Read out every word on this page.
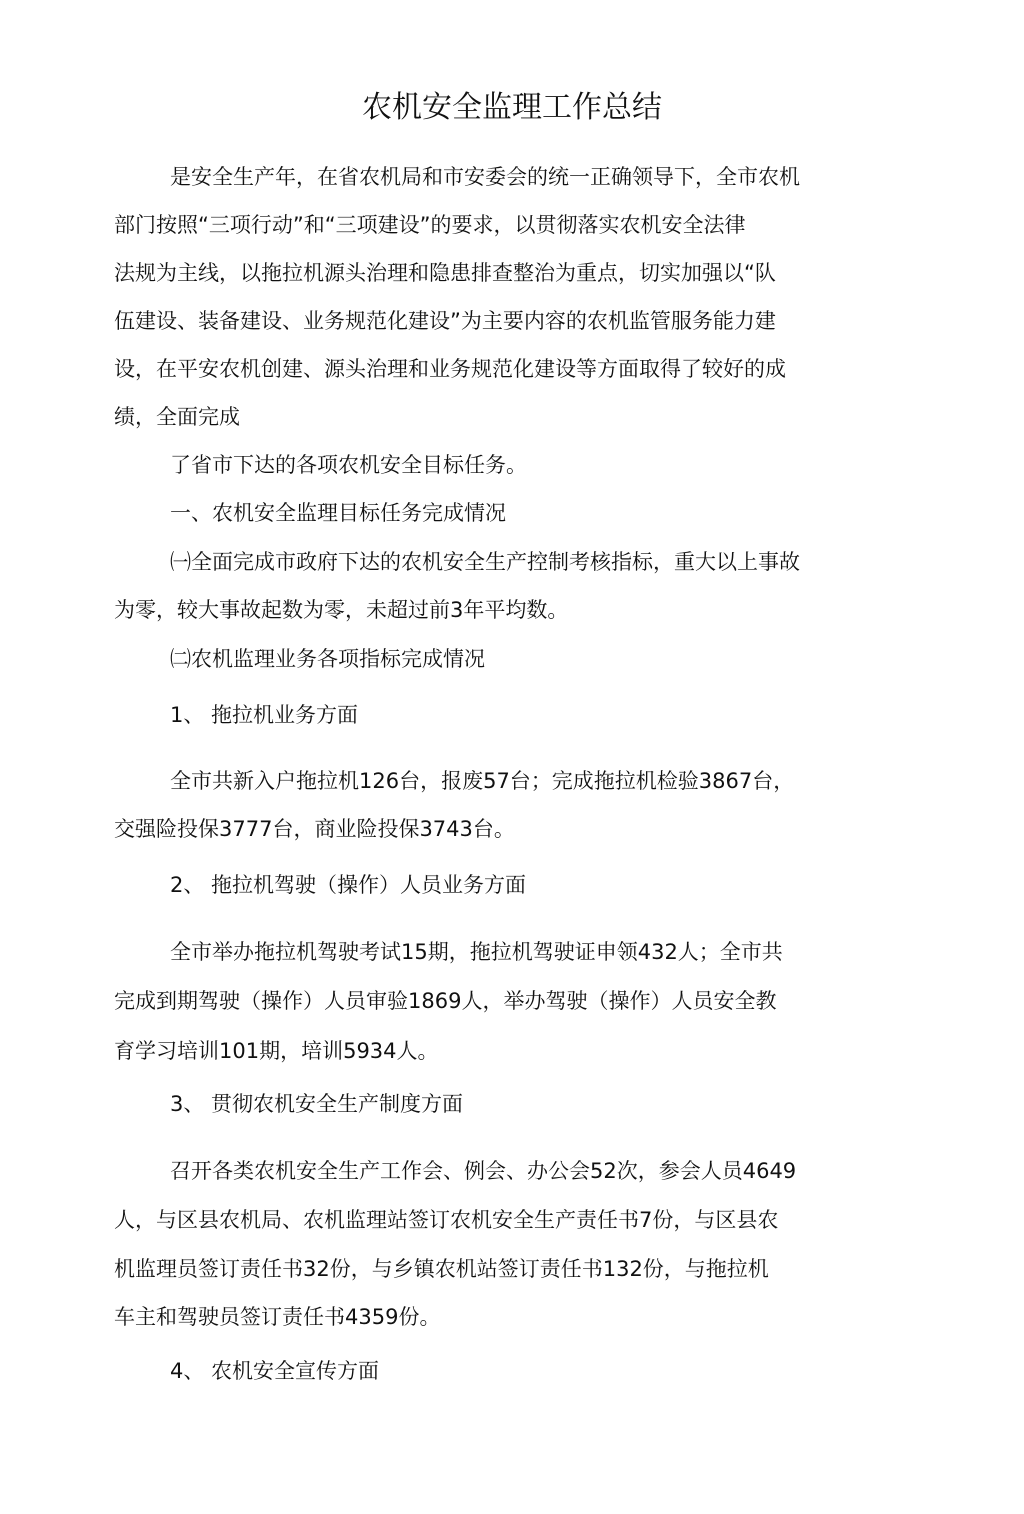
农机安全监理工作总结

是安全生产年，在省农机局和市安委会的统一正确领导下，全市农机

部门按照“三项行动”和“三项建设”的要求，以贯彻落实农机安全法律

法规为主线，以拖拉机源头治理和隐患排查整治为重点，切实加强以“队

伍建设、装备建设、业务规范化建设”为主要内容的农机监管服务能力建

设，在平安农机创建、源头治理和业务规范化建设等方面取得了较好的成

绩，全面完成

了省市下达的各项农机安全目标任务。

一、农机安全监理目标任务完成情况

㈠全面完成市政府下达的农机安全生产控制考核指标，重大以上事故

为零，较大事故起数为零，未超过前3年平均数。

㈡农机监理业务各项指标完成情况

1、 拖拉机业务方面

全市共新入户拖拉机126台，报废57台；完成拖拉机检验3867台，

交强险投保3777台，商业险投保3743台。

2、 拖拉机驾驶（操作）人员业务方面

全市举办拖拉机驾驶考试15期，拖拉机驾驶证申领432人；全市共

完成到期驾驶（操作）人员审验1869人，举办驾驶（操作）人员安全教

育学习培训101期，培训5934人。

3、 贯彻农机安全生产制度方面

召开各类农机安全生产工作会、例会、办公会52次，参会人员4649

人，与区县农机局、农机监理站签订农机安全生产责任书7份，与区县农

机监理员签订责任书32份，与乡镇农机站签订责任书132份，与拖拉机

车主和驾驶员签订责任书4359份。

4、 农机安全宣传方面
